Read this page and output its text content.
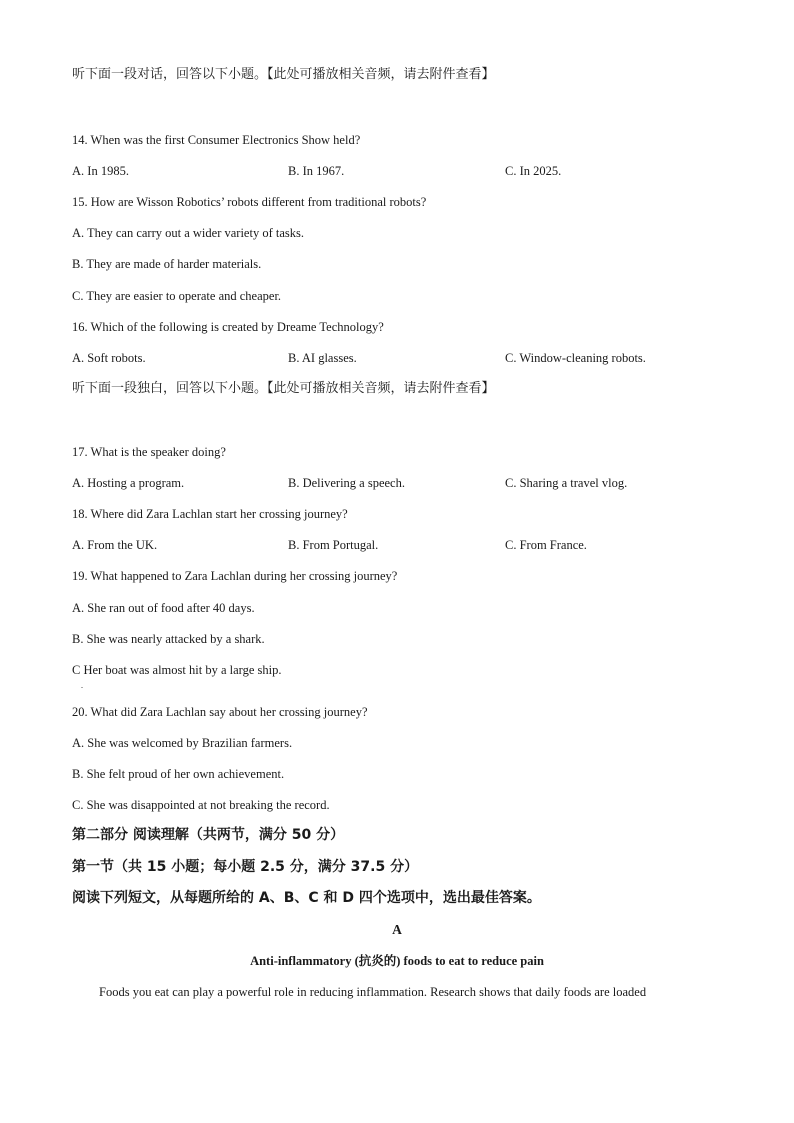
听下面一段对话，回答以下小题。【此处可播放相关音频，请去附件查看】
14. When was the first Consumer Electronics Show held?
A. In 1985.	B. In 1967.	C. In 2025.
15. How are Wisson Robotics’ robots different from traditional robots?
A. They can carry out a wider variety of tasks.
B. They are made of harder materials.
C. They are easier to operate and cheaper.
16. Which of the following is created by Dreame Technology?
A. Soft robots.	B. AI glasses.	C. Window-cleaning robots.
听下面一段独白，回答以下小题。【此处可播放相关音频，请去附件查看】
17. What is the speaker doing?
A. Hosting a program.	B. Delivering a speech.	C. Sharing a travel vlog.
18. Where did Zara Lachlan start her crossing journey?
A. From the UK.	B. From Portugal.	C. From France.
19. What happened to Zara Lachlan during her crossing journey?
A. She ran out of food after 40 days.
B. She was nearly attacked by a shark.
C Her boat was almost hit by a large ship.
.
20. What did Zara Lachlan say about her crossing journey?
A. She was welcomed by Brazilian farmers.
B. She felt proud of her own achievement.
C. She was disappointed at not breaking the record.
第二部分 阅读理解（共两节，满分 50 分）
第一节（共 15 小题；每小题 2.5 分，满分 37.5 分）
阅读下列短文，从每题所给的 A、B、C 和 D 四个选项中，选出最佳答案。
A
Anti-inflammatory (抗炎的) foods to eat to reduce pain
Foods you eat can play a powerful role in reducing inflammation. Research shows that daily foods are loaded
